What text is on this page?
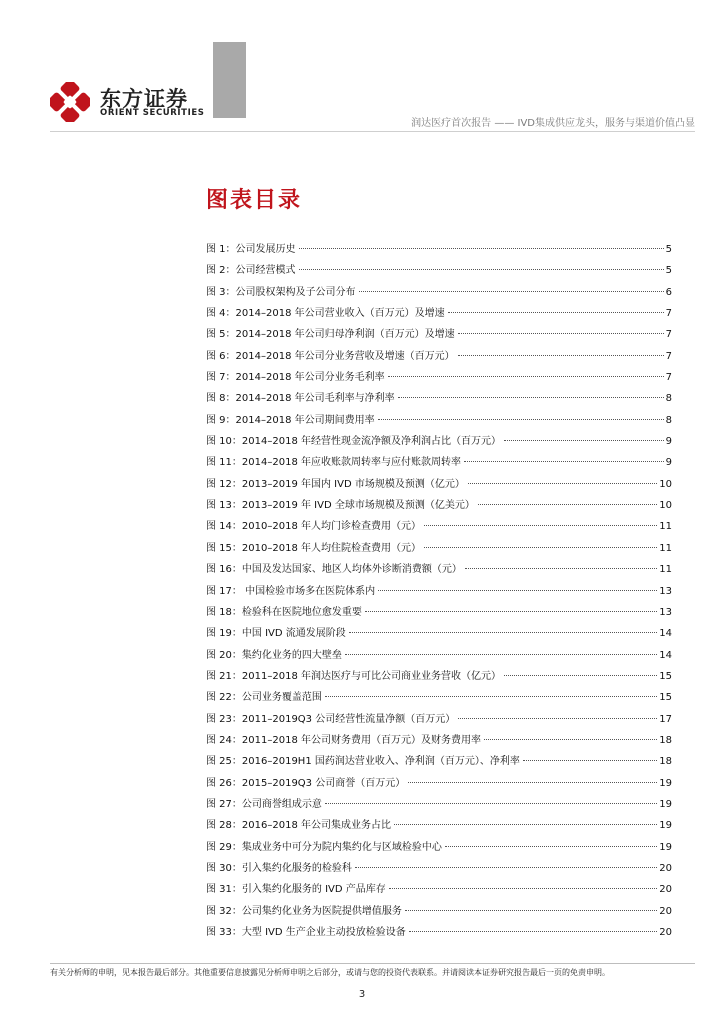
东方证券
ORIENT SECURITIES
润达医疗首次报告 —— IVD集成供应龙头，服务与渠道价值凸显
图表目录
图 1：公司发展历史	5
图 2：公司经营模式	5
图 3：公司股权架构及子公司分布	6
图 4：2014–2018 年公司营业收入（百万元）及增速	7
图 5：2014–2018 年公司归母净利润（百万元）及增速	7
图 6：2014–2018 年公司分业务营收及增速（百万元）	7
图 7：2014–2018 年公司分业务毛利率	7
图 8：2014–2018 年公司毛利率与净利率	8
图 9：2014–2018 年公司期间费用率	8
图 10：2014–2018 年经营性现金流净额及净利润占比（百万元）	9
图 11：2014–2018 年应收账款周转率与应付账款周转率	9
图 12：2013–2019 年国内 IVD 市场规模及预测（亿元）	10
图 13：2013–2019 年 IVD 全球市场规模及预测（亿美元）	10
图 14：2010–2018 年人均门诊检查费用（元）	11
图 15：2010–2018 年人均住院检查费用（元）	11
图 16：中国及发达国家、地区人均体外诊断消费额（元）	11
图 17： 中国检验市场多在医院体系内	13
图 18：检验科在医院地位愈发重要	13
图 19：中国 IVD 流通发展阶段	14
图 20：集约化业务的四大壁垒	14
图 21：2011–2018 年润达医疗与可比公司商业业务营收（亿元）	15
图 22：公司业务覆盖范围	15
图 23：2011–2019Q3 公司经营性流量净额（百万元）	17
图 24：2011–2018 年公司财务费用（百万元）及财务费用率	18
图 25：2016–2019H1 国药润达营业收入、净利润（百万元）、净利率	18
图 26：2015–2019Q3 公司商誉（百万元）	19
图 27：公司商誉组成示意	19
图 28：2016–2018 年公司集成业务占比	19
图 29：集成业务中可分为院内集约化与区域检验中心	19
图 30：引入集约化服务的检验科	20
图 31：引入集约化服务的 IVD 产品库存	20
图 32：公司集约化业务为医院提供增值服务	20
图 33：大型 IVD 生产企业主动投放检验设备	20
有关分析师的申明，见本报告最后部分。其他重要信息披露见分析师申明之后部分，或请与您的投资代表联系。并请阅读本证券研究报告最后一页的免责申明。
3
